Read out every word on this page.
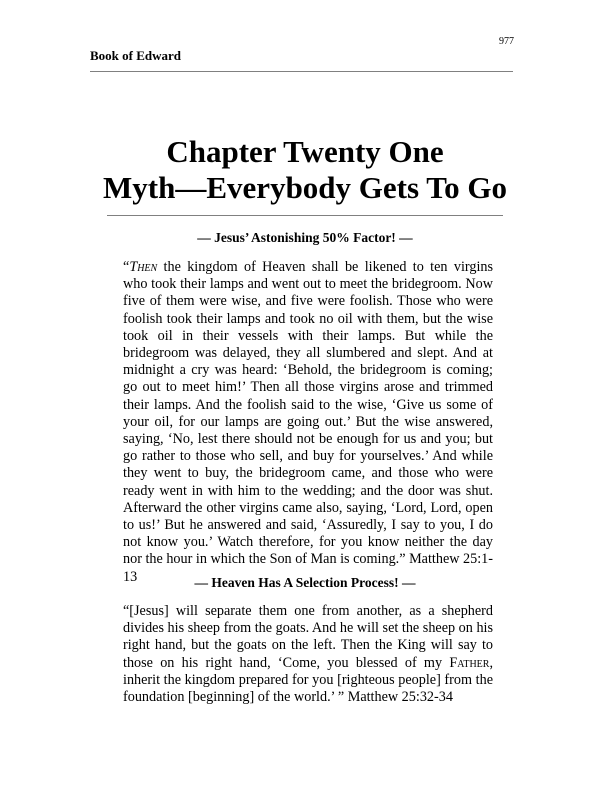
977
Book of Edward
Chapter Twenty One
Myth—Everybody Gets To Go
— Jesus’ Astonishing 50% Factor! —

“Then the kingdom of Heaven shall be likened to ten virgins who took their lamps and went out to meet the bridegroom. Now five of them were wise, and five were foolish. Those who were foolish took their lamps and took no oil with them, but the wise took oil in their vessels with their lamps. But while the bridegroom was delayed, they all slumbered and slept. And at midnight a cry was heard: ‘Behold, the bridegroom is coming; go out to meet him!’ Then all those virgins arose and trimmed their lamps. And the foolish said to the wise, ‘Give us some of your oil, for our lamps are going out.’ But the wise answered, saying, ‘No, lest there should not be enough for us and you; but go rather to those who sell, and buy for yourselves.’ And while they went to buy, the bridegroom came, and those who were ready went in with him to the wedding; and the door was shut. Afterward the other virgins came also, saying, ‘Lord, Lord, open to us!’ But he answered and said, ‘Assuredly, I say to you, I do not know you.’ Watch therefore, for you know neither the day nor the hour in which the Son of Man is coming.” Matthew 25:1-13	— Heaven Has A Selection Process! —

“[Jesus] will separate them one from another, as a shepherd divides his sheep from the goats. And he will set the sheep on his right hand, but the goats on the left. Then the King will say to those on his right hand, ‘Come, you blessed of my Father, inherit the kingdom prepared for you [righteous people] from the foundation [beginning] of the world.’ ” Matthew 25:32-34
